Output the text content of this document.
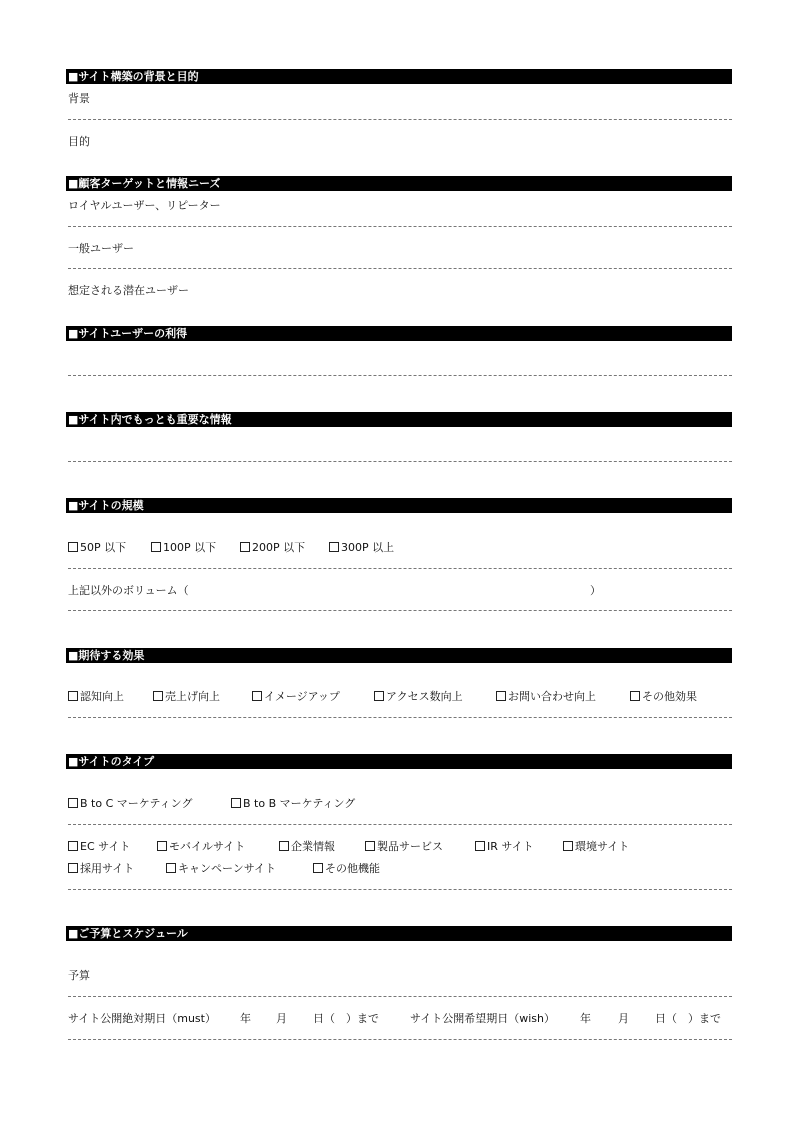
■サイト構築の背景と目的
背景
目的
■顧客ターゲットと情報ニーズ
ロイヤルユーザー、リピーター
一般ユーザー
想定される潜在ユーザー
■サイトユーザーの利得
■サイト内でもっとも重要な情報
■サイトの規模
50P 以下	100P 以下	200P 以下	300P 以上
上記以外のボリューム（	）
■期待する効果
認知向上	売上げ向上	イメージアップ	アクセス数向上	お問い合わせ向上	その他効果
■サイトのタイプ
B to C マーケティング	B to B マーケティング
EC サイト	モバイルサイト	企業情報	製品サービス	IR サイト	環境サイト
採用サイト	キャンペーンサイト	その他機能
■ご予算とスケジュール
予算
サイト公開絶対期日（must） 年 月 日（　）まで	サイト公開希望期日（wish） 年 月 日（　）まで
